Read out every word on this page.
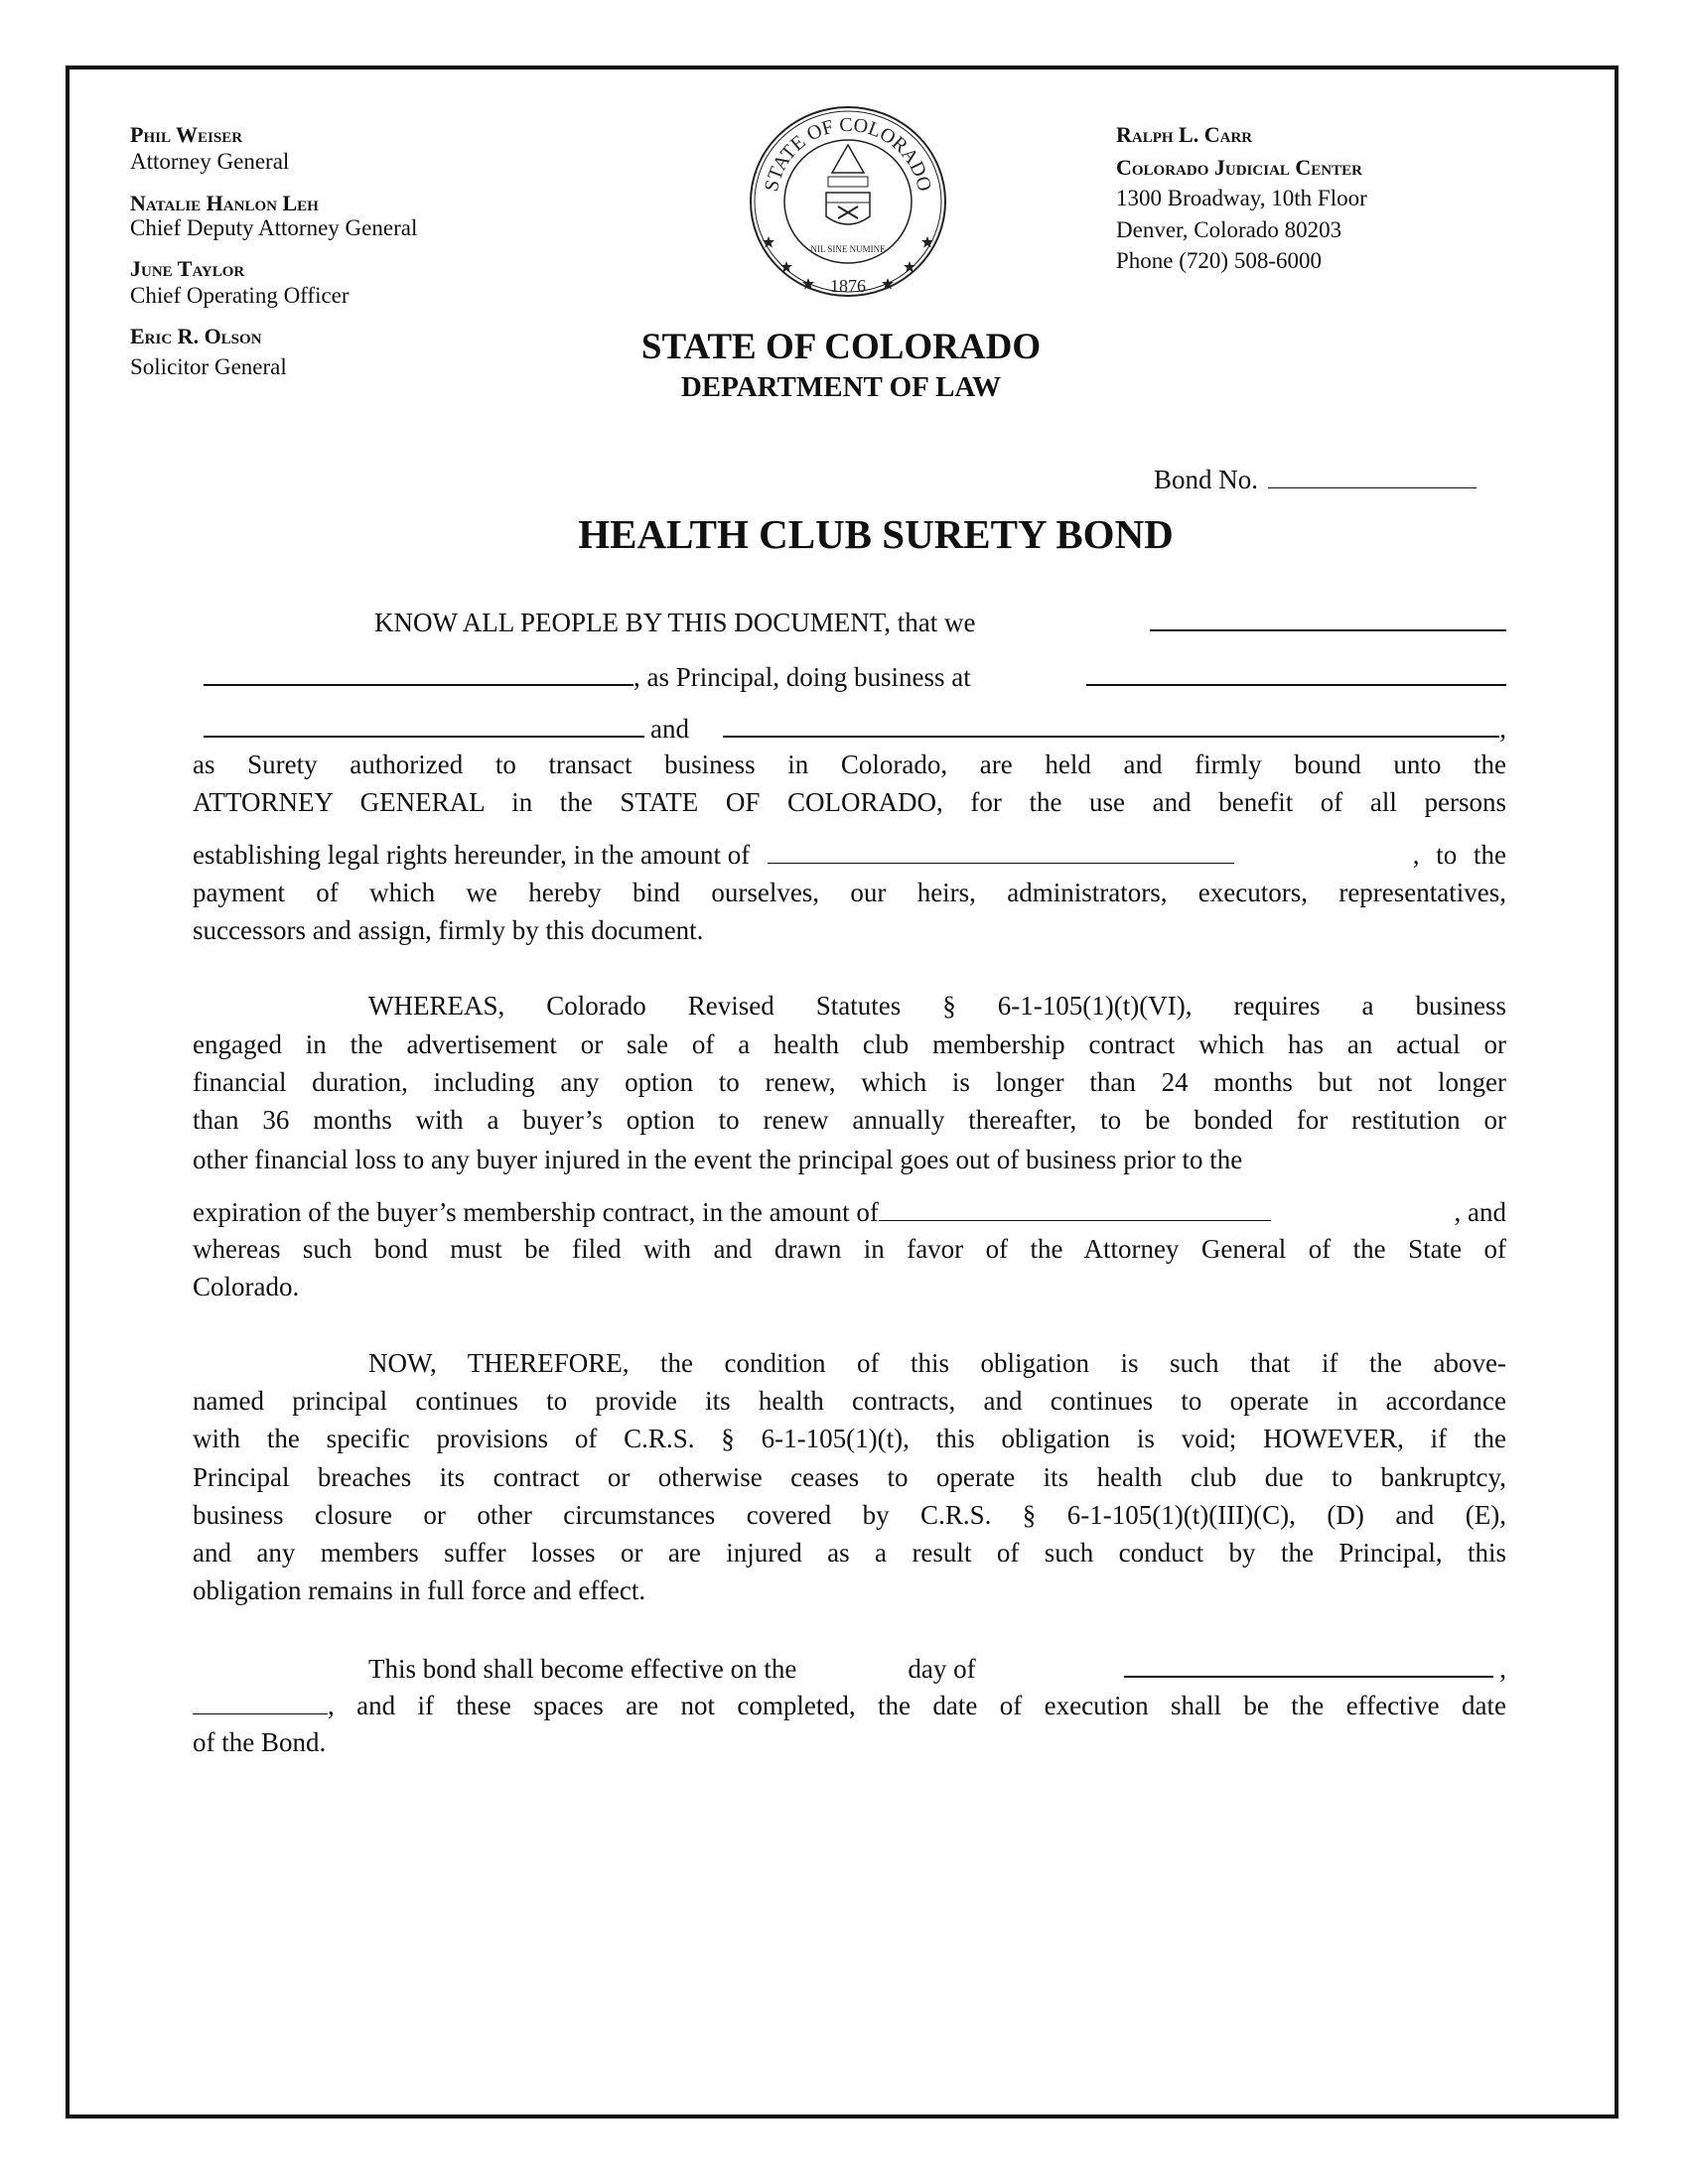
Phil Weiser
Attorney General
Natalie Hanlon Leh
Chief Deputy Attorney General
June Taylor
Chief Operating Officer
Eric R. Olson
Solicitor General
Ralph L. Carr
Colorado Judicial Center
1300 Broadway, 10th Floor
Denver, Colorado 80203
Phone (720) 508-6000
STATE OF COLORADO
1876
NIL SINE NUMINE
STATE OF COLORADO
DEPARTMENT OF LAW
Bond No.
HEALTH CLUB SURETY BOND
KNOW ALL PEOPLE BY THIS DOCUMENT, that we
, as Principal, doing business at
and	,
as Surety authorized to transact business in Colorado, are held and firmly bound unto the
ATTORNEY GENERAL in the STATE OF COLORADO, for the use and benefit of all persons
establishing legal rights hereunder, in the amount of	, to the
payment of which we hereby bind ourselves, our heirs, administrators, executors, representatives,
successors and assign, firmly by this document.
WHEREAS, Colorado Revised Statutes § 6-1-105(1)(t)(VI), requires a business
engaged in the advertisement or sale of a health club membership contract which has an actual or
financial duration, including any option to renew, which is longer than 24 months but not longer
than 36 months with a buyer’s option to renew annually thereafter, to be bonded for restitution or
other financial loss to any buyer injured in the event the principal goes out of business prior to the
expiration of the buyer’s membership contract, in the amount of	, and
whereas such bond must be filed with and drawn in favor of the Attorney General of the State of
Colorado.
NOW, THEREFORE, the condition of this obligation is such that if the above-
named principal continues to provide its health contracts, and continues to operate in accordance
with the specific provisions of C.R.S. § 6-1-105(1)(t), this obligation is void; HOWEVER, if the
Principal breaches its contract or otherwise ceases to operate its health club due to bankruptcy,
business closure or other circumstances covered by C.R.S. § 6-1-105(1)(t)(III)(C), (D) and (E),
and any members suffer losses or are injured as a result of such conduct by the Principal, this
obligation remains in full force and effect.
This bond shall become effective on the	day of	,
, and if these spaces are not completed, the date of execution shall be the effective date
of the Bond.
